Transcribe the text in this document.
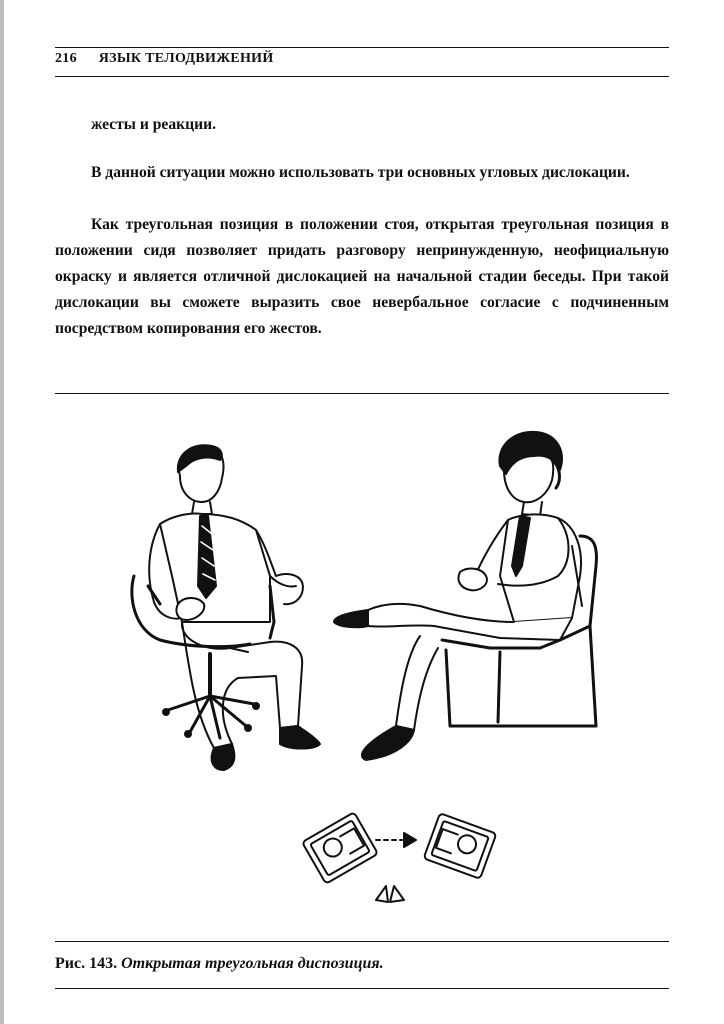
216 ЯЗЫК ТЕЛОДВИЖЕНИЙ
жесты и реакции.
В данной ситуации можно использовать три основных угловых дислокации.
Как треугольная позиция в положении стоя, открытая треугольная позиция в положении сидя позволяет придать разговору непринужденную, неофициальную окраску и является отличной дислокацией на начальной стадии беседы. При такой дислокации вы сможете выразить свое невербальное согласие с подчиненным посредством копирования его жестов.
Рис. 143. Открытая треугольная диспозиция.
